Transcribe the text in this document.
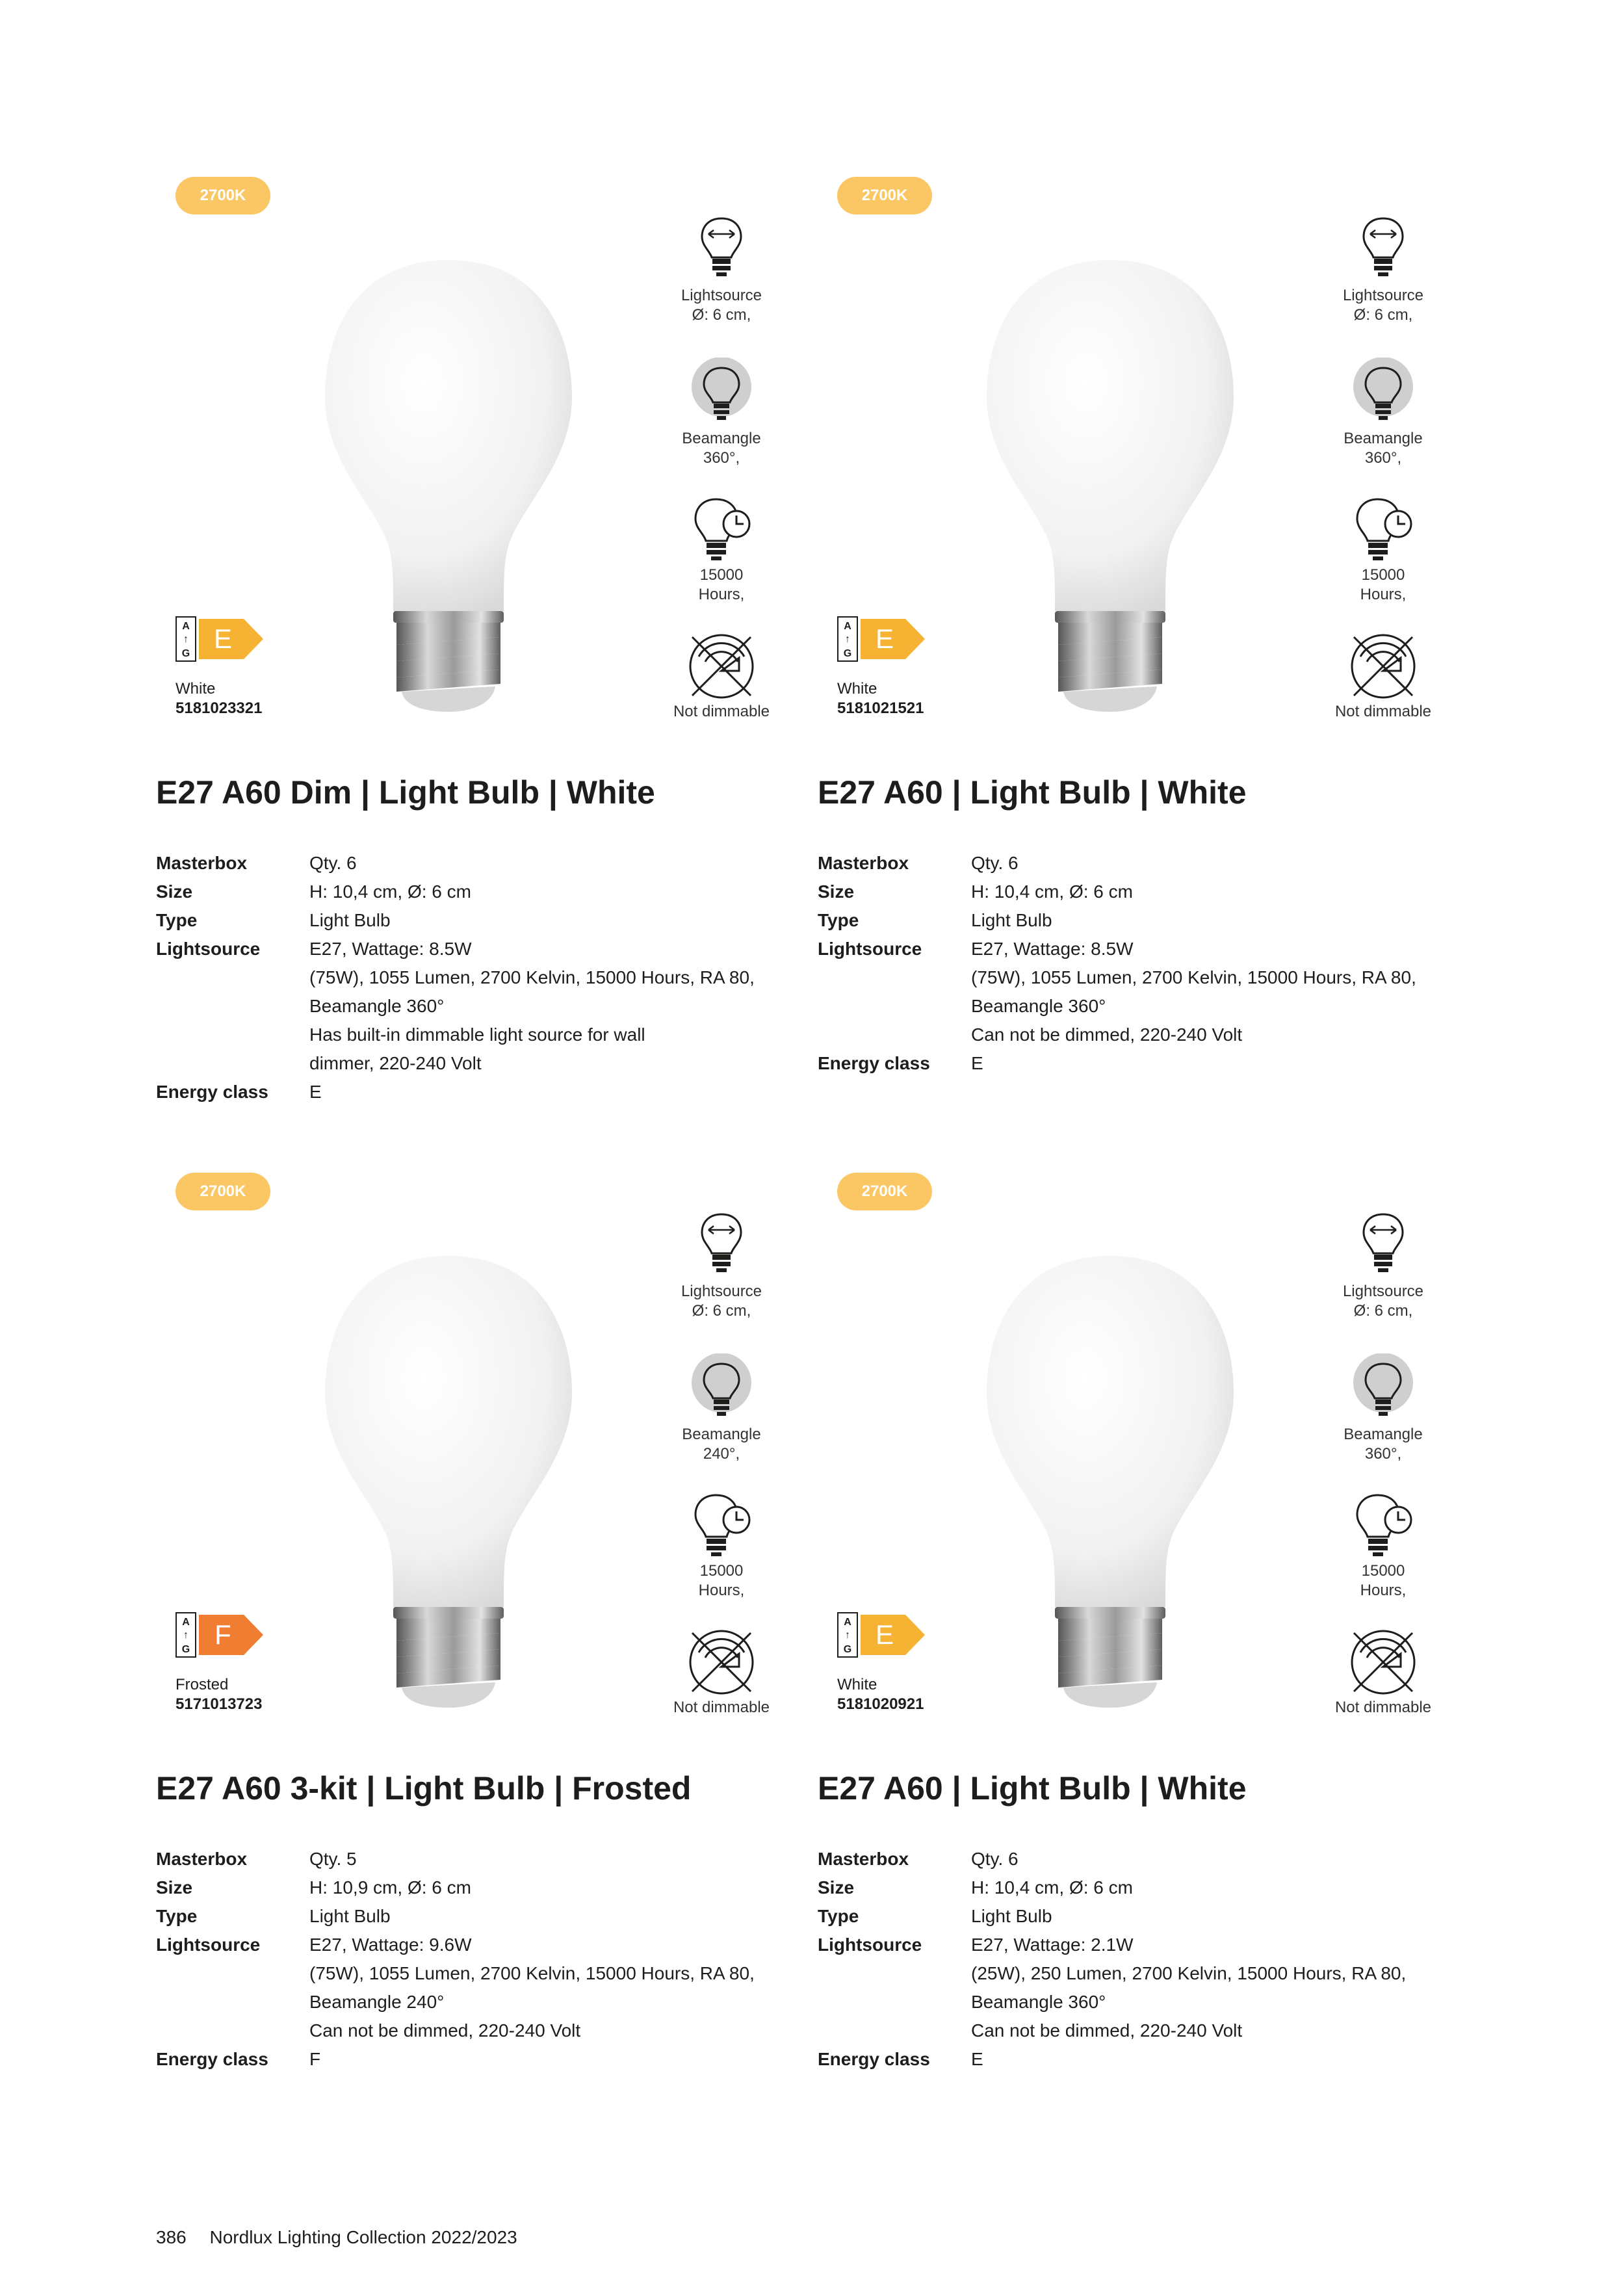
2700K
A
↑
G E
White
5181023321
Lightsource
Ø: 6 cm,
Beamangle
360°,
15000
Hours,
Not dimmable
E27 A60 Dim | Light Bulb | White
Masterbox	Qty. 6
Size	H: 10,4 cm, Ø: 6 cm
Type	Light Bulb
Lightsource	E27, Wattage: 8.5W
(75W), 1055 Lumen, 2700 Kelvin, 15000 Hours, RA 80,
Beamangle 360°
Has built-in dimmable light source for wall
dimmer, 220-240 Volt
Energy class	E
2700K
A
↑
G E
White
5181021521
Lightsource
Ø: 6 cm,
Beamangle
360°,
15000
Hours,
Not dimmable
E27 A60 | Light Bulb | White
Masterbox	Qty. 6
Size	H: 10,4 cm, Ø: 6 cm
Type	Light Bulb
Lightsource	E27, Wattage: 8.5W
(75W), 1055 Lumen, 2700 Kelvin, 15000 Hours, RA 80,
Beamangle 360°
Can not be dimmed, 220-240 Volt
Energy class	E
2700K
A
↑
G F
Frosted
5171013723
Lightsource
Ø: 6 cm,
Beamangle
240°,
15000
Hours,
Not dimmable
E27 A60 3-kit | Light Bulb | Frosted
Masterbox	Qty. 5
Size	H: 10,9 cm, Ø: 6 cm
Type	Light Bulb
Lightsource	E27, Wattage: 9.6W
(75W), 1055 Lumen, 2700 Kelvin, 15000 Hours, RA 80,
Beamangle 240°
Can not be dimmed, 220-240 Volt
Energy class	F
2700K
A
↑
G E
White
5181020921
Lightsource
Ø: 6 cm,
Beamangle
360°,
15000
Hours,
Not dimmable
E27 A60 | Light Bulb | White
Masterbox	Qty. 6
Size	H: 10,4 cm, Ø: 6 cm
Type	Light Bulb
Lightsource	E27, Wattage: 2.1W
(25W), 250 Lumen, 2700 Kelvin, 15000 Hours, RA 80,
Beamangle 360°
Can not be dimmed, 220-240 Volt
Energy class	E
386 Nordlux Lighting Collection 2022/2023
